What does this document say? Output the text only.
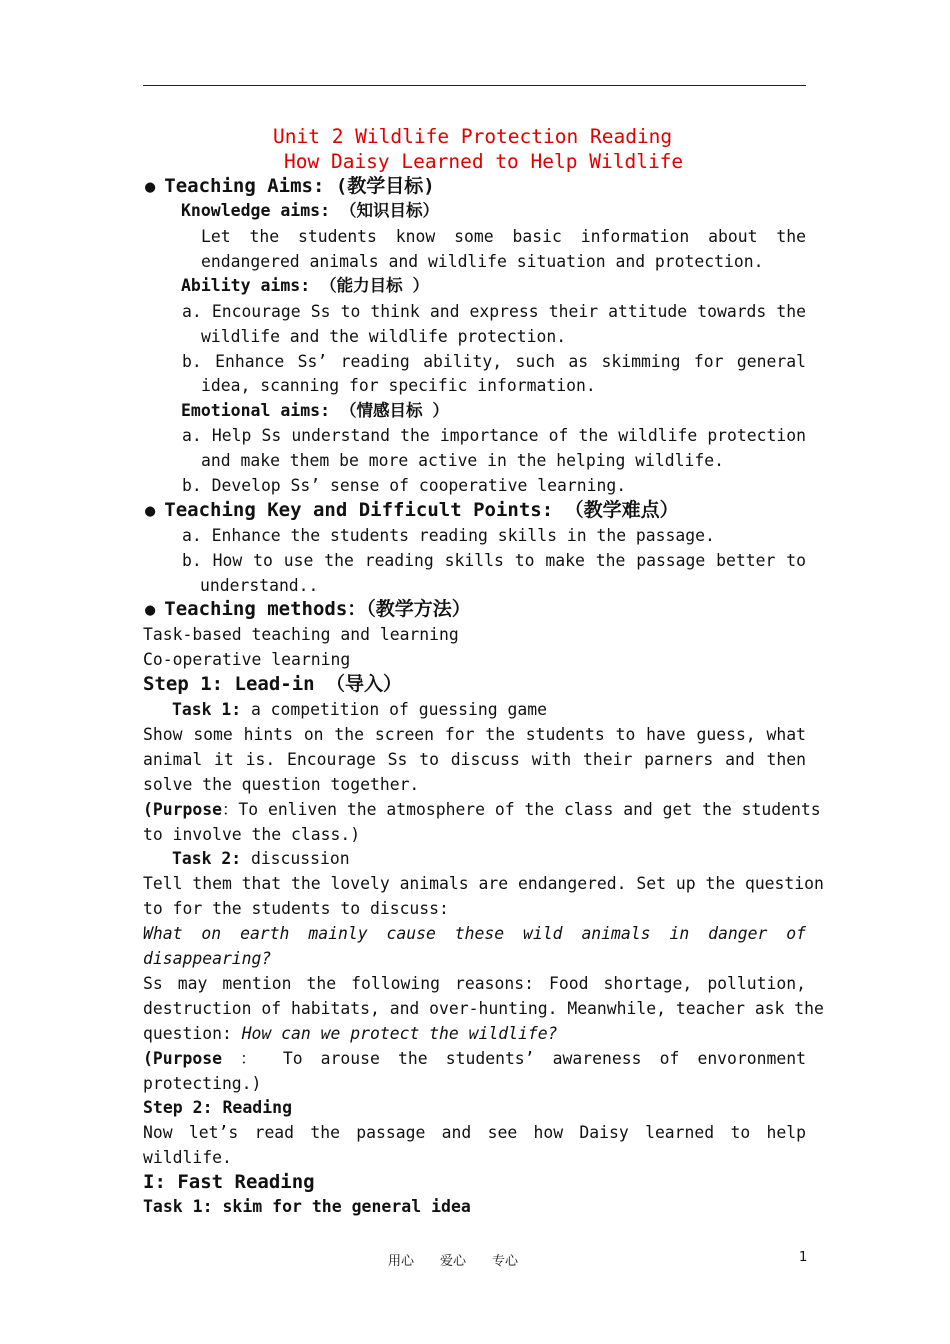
Unit 2 Wildlife Protection Reading
How Daisy Learned to Help Wildlife
● Teaching Aims: (教学目标)
Knowledge aims: （知识目标）
Let the students know some basic information about the
endangered animals and wildlife situation and protection.
Ability aims: （能力目标 ）
a. Encourage Ss to think and express their attitude towards the
wildlife and the wildlife protection.
b. Enhance Ss’ reading ability, such as skimming for general
idea, scanning for specific information.
Emotional aims: （情感目标 ）
a. Help Ss understand the importance of the wildlife protection
and make them be more active in the helping wildlife.
b. Develop Ss’ sense of cooperative learning.
● Teaching Key and Difficult Points: （教学难点）
a. Enhance the students reading skills in the passage.
b. How to use the reading skills to make the passage better to
understand..
● Teaching methods：（教学方法）
Task-based teaching and learning
Co-operative learning
Step 1: Lead-in （导入）
Task 1: a competition of guessing game
Show some hints on the screen for the students to have guess, what
animal it is. Encourage Ss to discuss with their parners and then
solve the question together.
(Purpose：To enliven the atmosphere of the class and get the students
to involve the class.)
Task 2: discussion
Tell them that the lovely animals are endangered. Set up the question
to for the students to discuss:
What on earth mainly cause these wild animals in danger of
disappearing?
Ss may mention the following reasons: Food shortage, pollution,
destruction of habitats, and over-hunting. Meanwhile, teacher ask the
question: How can we protect the wildlife?
(Purpose ： To arouse the students’ awareness of envoronment
protecting.)
Step 2: Reading
Now let’s read the passage and see how Daisy learned to help
wildlife.
I: Fast Reading
Task 1: skim for the general idea
用心　　爱心　　专心	1
